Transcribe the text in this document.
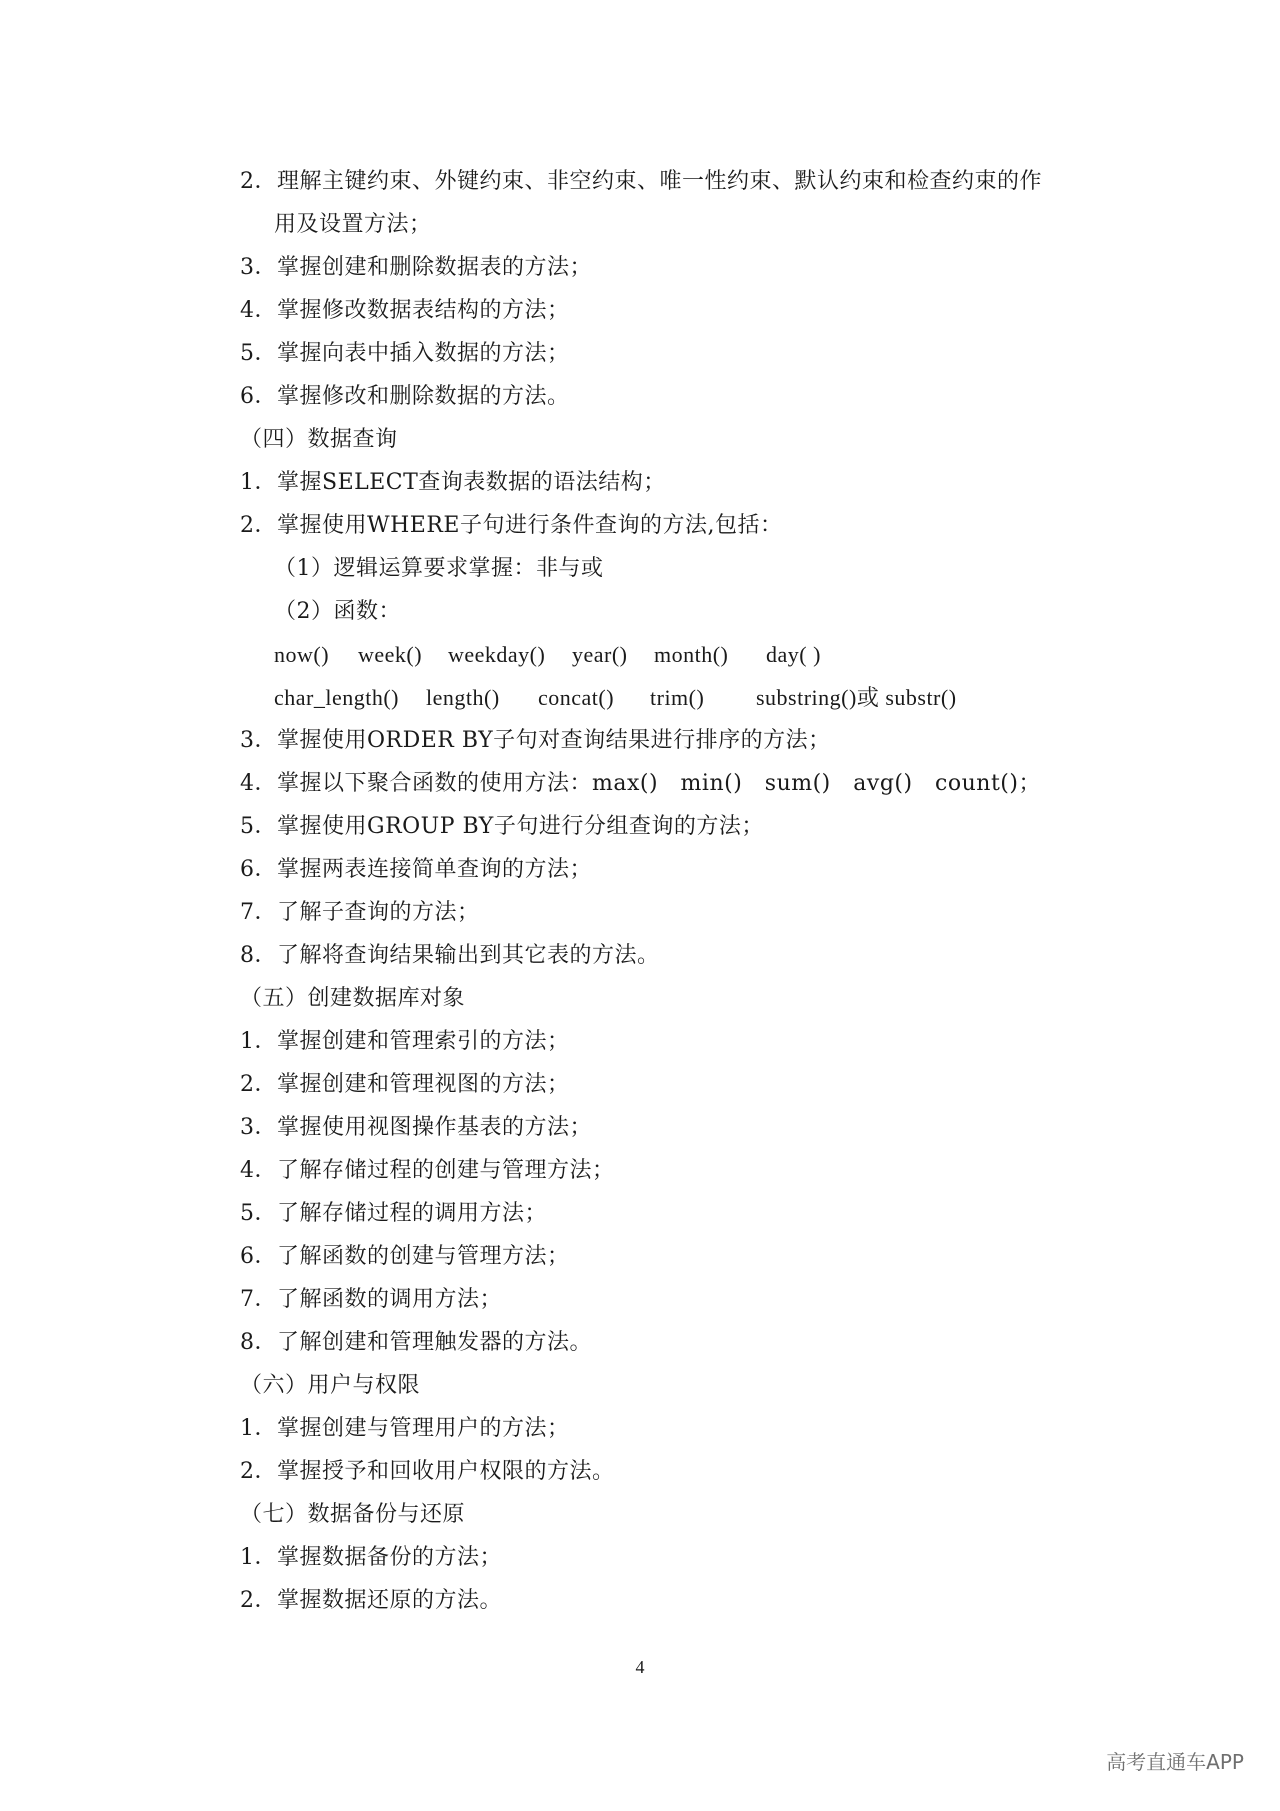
2．理解主键约束、外键约束、非空约束、唯一性约束、默认约束和检查约束的作
用及设置方法；
3．掌握创建和删除数据表的方法；
4．掌握修改数据表结构的方法；
5．掌握向表中插入数据的方法；
6．掌握修改和删除数据的方法。
（四）数据查询
1．掌握SELECT查询表数据的语法结构；
2．掌握使用WHERE子句进行条件查询的方法,包括：
（1）逻辑运算要求掌握：非与或
（2）函数：
now() week() weekday() year() month() day( )
char_length() length() concat() trim() substring()或 substr()
3．掌握使用ORDER BY子句对查询结果进行排序的方法；
4．掌握以下聚合函数的使用方法：max()　min()　sum()　avg()　count()；
5．掌握使用GROUP BY子句进行分组查询的方法；
6．掌握两表连接简单查询的方法；
7．了解子查询的方法；
8．了解将查询结果输出到其它表的方法。
（五）创建数据库对象
1．掌握创建和管理索引的方法；
2．掌握创建和管理视图的方法；
3．掌握使用视图操作基表的方法；
4．了解存储过程的创建与管理方法；
5．了解存储过程的调用方法；
6．了解函数的创建与管理方法；
7．了解函数的调用方法；
8．了解创建和管理触发器的方法。
（六）用户与权限
1．掌握创建与管理用户的方法；
2．掌握授予和回收用户权限的方法。
（七）数据备份与还原
1．掌握数据备份的方法；
2．掌握数据还原的方法。
4
高考直通车APP
